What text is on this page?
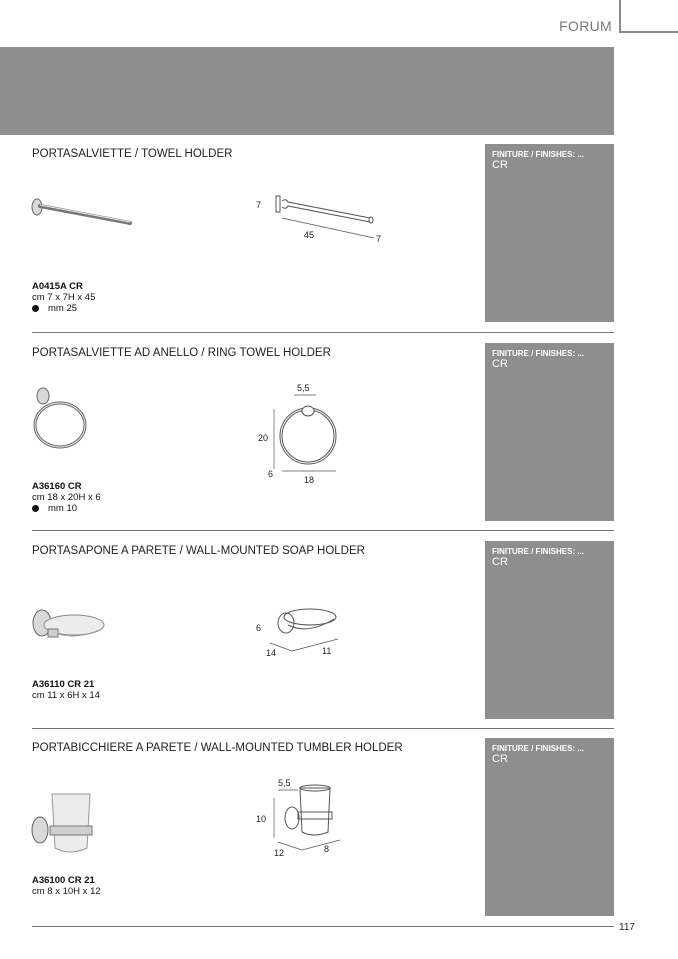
FORUM
PORTASALVIETTE / TOWEL HOLDER	FINITURE / FINISHES: ...
CR
7
45	7
A0415A CR
cm 7 x 7H x 45
mm 25
PORTASALVIETTE AD ANELLO / RING TOWEL HOLDER	FINITURE / FINISHES: ...
CR
5,5
20
6
18
A36160 CR
cm 18 x 20H x 6
mm 10
PORTASAPONE A PARETE / WALL-MOUNTED SOAP HOLDER	FINITURE / FINISHES: ...
CR
6
14	11
A36110 CR 21
cm 11 x 6H x 14
PORTABICCHIERE A PARETE / WALL-MOUNTED TUMBLER HOLDER	FINITURE / FINISHES: ...
CR
5,5
10
12	8
A36100 CR 21
cm 8 x 10H x 12
117
